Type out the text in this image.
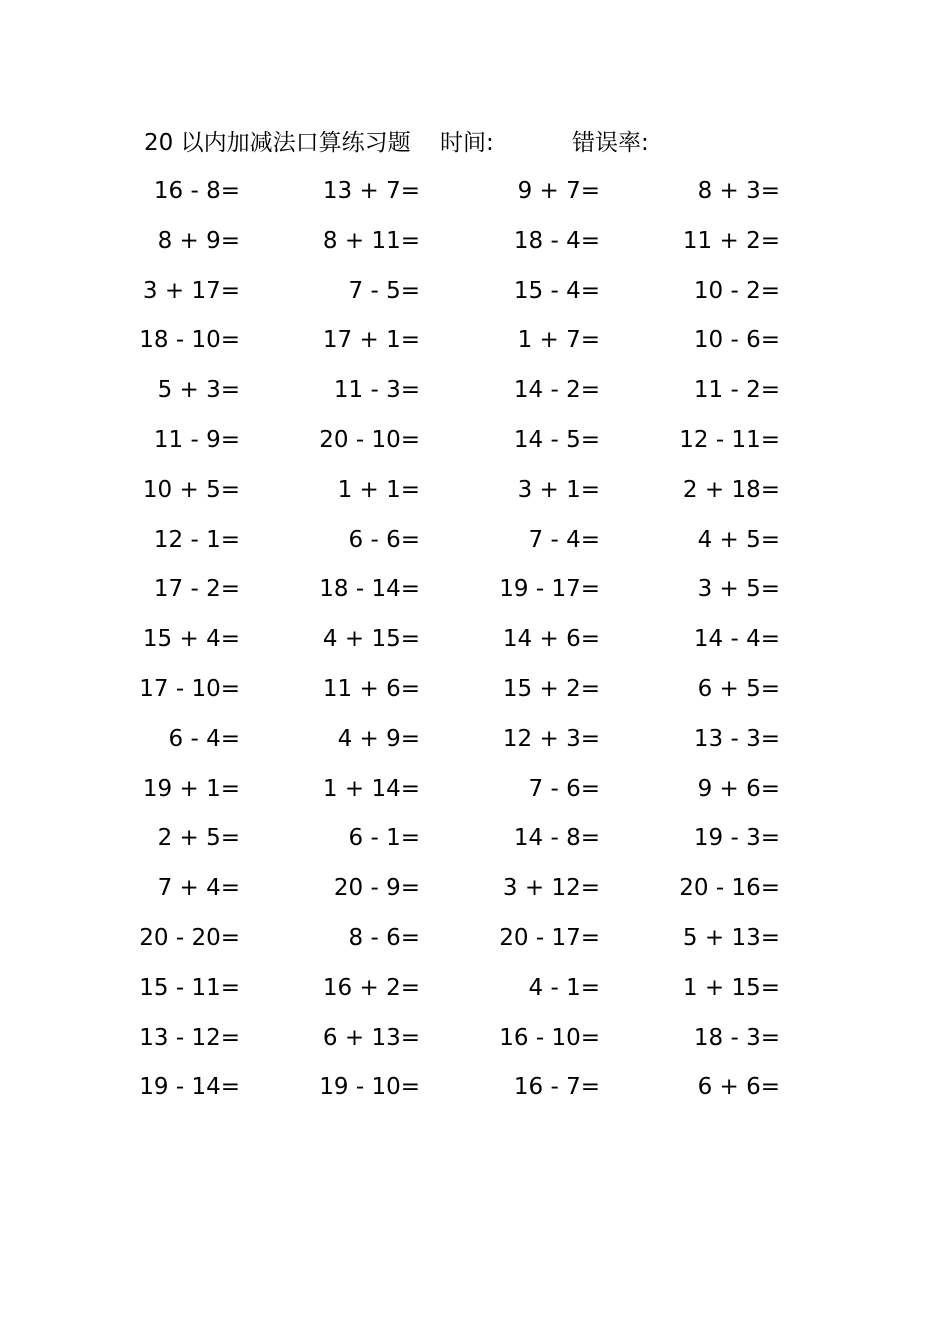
20 以内加减法口算练习题 时间:	错误率:
16 - 8=	13 + 7=	9 + 7=	8 + 3=
8 + 9=	8 + 11=	18 - 4=	11 + 2=
3 + 17=	7 - 5=	15 - 4=	10 - 2=
18 - 10=	17 + 1=	1 + 7=	10 - 6=
5 + 3=	11 - 3=	14 - 2=	11 - 2=
11 - 9=	20 - 10=	14 - 5=	12 - 11=
10 + 5=	1 + 1=	3 + 1=	2 + 18=
12 - 1=	6 - 6=	7 - 4=	4 + 5=
17 - 2=	18 - 14=	19 - 17=	3 + 5=
15 + 4=	4 + 15=	14 + 6=	14 - 4=
17 - 10=	11 + 6=	15 + 2=	6 + 5=
6 - 4=	4 + 9=	12 + 3=	13 - 3=
19 + 1=	1 + 14=	7 - 6=	9 + 6=
2 + 5=	6 - 1=	14 - 8=	19 - 3=
7 + 4=	20 - 9=	3 + 12=	20 - 16=
20 - 20=	8 - 6=	20 - 17=	5 + 13=
15 - 11=	16 + 2=	4 - 1=	1 + 15=
13 - 12=	6 + 13=	16 - 10=	18 - 3=
19 - 14=	19 - 10=	16 - 7=	6 + 6=
